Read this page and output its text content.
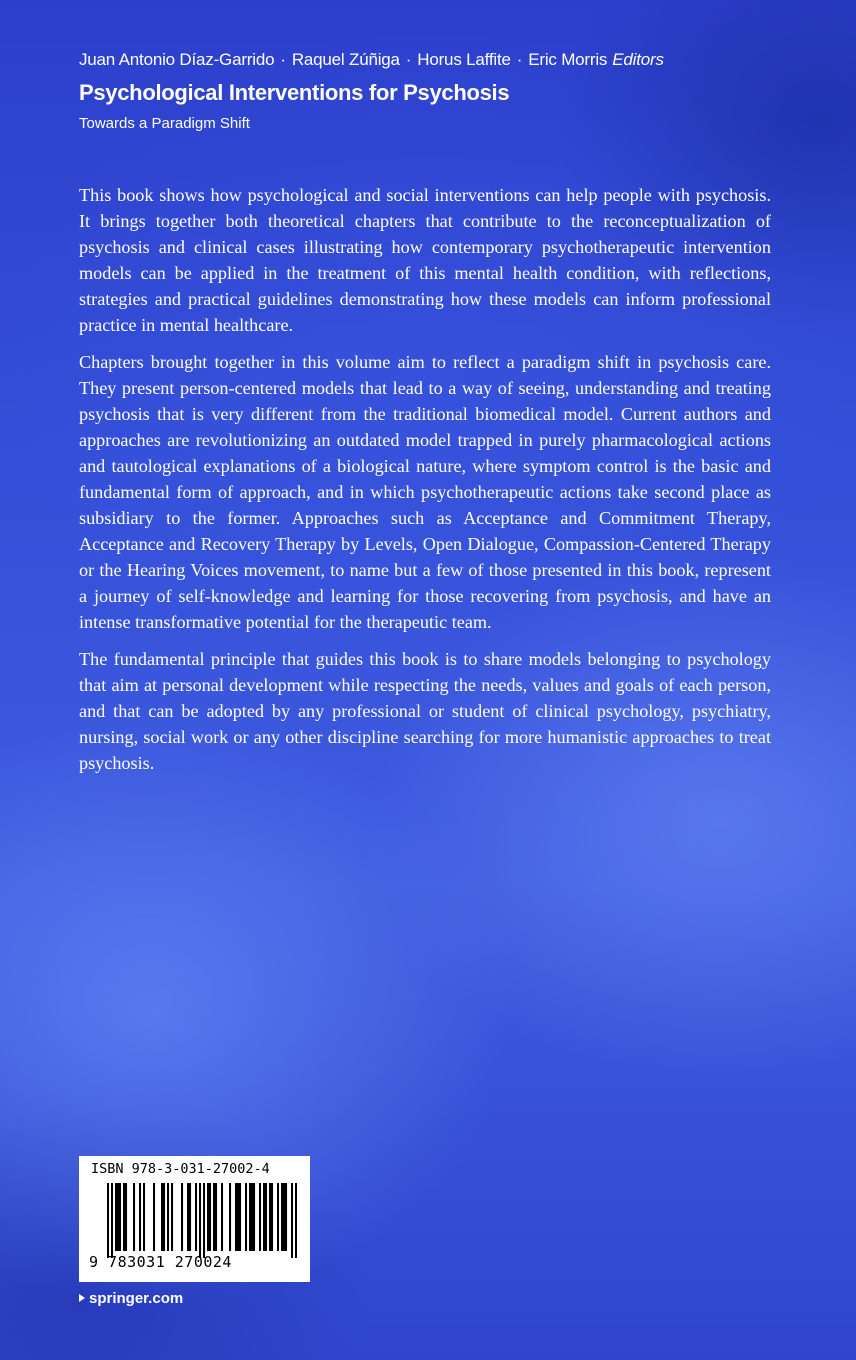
Juan Antonio Díaz-Garrido · Raquel Zúñiga · Horus Laffite · Eric Morris Editors
Psychological Interventions for Psychosis
Towards a Paradigm Shift

This book shows how psychological and social interventions can help people with psychosis. It brings together both theoretical chapters that contribute to the reconceptualization of psychosis and clinical cases illustrating how contemporary psychotherapeutic intervention models can be applied in the treatment of this mental health condition, with reflections, strategies and practical guidelines demonstrating how these models can inform professional practice in mental healthcare.

Chapters brought together in this volume aim to reflect a paradigm shift in psychosis care. They present person-centered models that lead to a way of seeing, understanding and treating psychosis that is very different from the traditional biomedical model. Current authors and approaches are revolutionizing an outdated model trapped in purely pharmacological actions and tautological explanations of a biological nature, where symptom control is the basic and fundamental form of approach, and in which psychotherapeutic actions take second place as subsidiary to the former. Approaches such as Acceptance and Commitment Therapy, Acceptance and Recovery Therapy by Levels, Open Dialogue, Compassion-Centered Therapy or the Hearing Voices movement, to name but a few of those presented in this book, represent a journey of self-knowledge and learning for those recovering from psychosis, and have an intense transformative potential for the therapeutic team.

The fundamental principle that guides this book is to share models belonging to psychology that aim at personal development while respecting the needs, values and goals of each person, and that can be adopted by any professional or student of clinical psychology, psychiatry, nursing, social work or any other discipline searching for more humanistic approaches to treat psychosis.

ISBN 978-3-031-27002-4
9 783031 270024
springer.com
